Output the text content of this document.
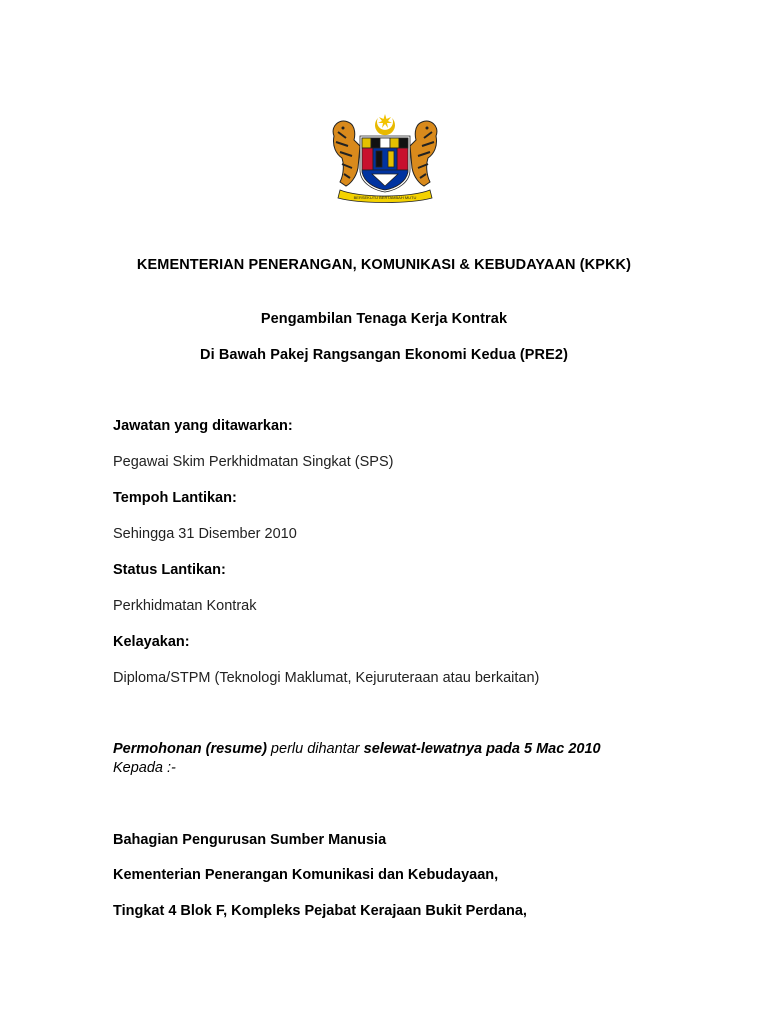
BERSEKUTU BERTAMBAH MUTU
KEMENTERIAN PENERANGAN, KOMUNIKASI & KEBUDAYAAN (KPKK)
Pengambilan Tenaga Kerja Kontrak
Di Bawah Pakej Rangsangan Ekonomi Kedua (PRE2)
Jawatan yang ditawarkan:
Pegawai Skim Perkhidmatan Singkat (SPS)
Tempoh Lantikan:
Sehingga 31 Disember 2010
Status Lantikan:
Perkhidmatan Kontrak
Kelayakan:
Diploma/STPM (Teknologi Maklumat, Kejuruteraan atau berkaitan)
Permohonan (resume) perlu dihantar selewat-lewatnya pada 5 Mac 2010
Kepada :-
Bahagian Pengurusan Sumber Manusia
Kementerian Penerangan Komunikasi dan Kebudayaan,
Tingkat 4 Blok F, Kompleks Pejabat Kerajaan Bukit Perdana,
